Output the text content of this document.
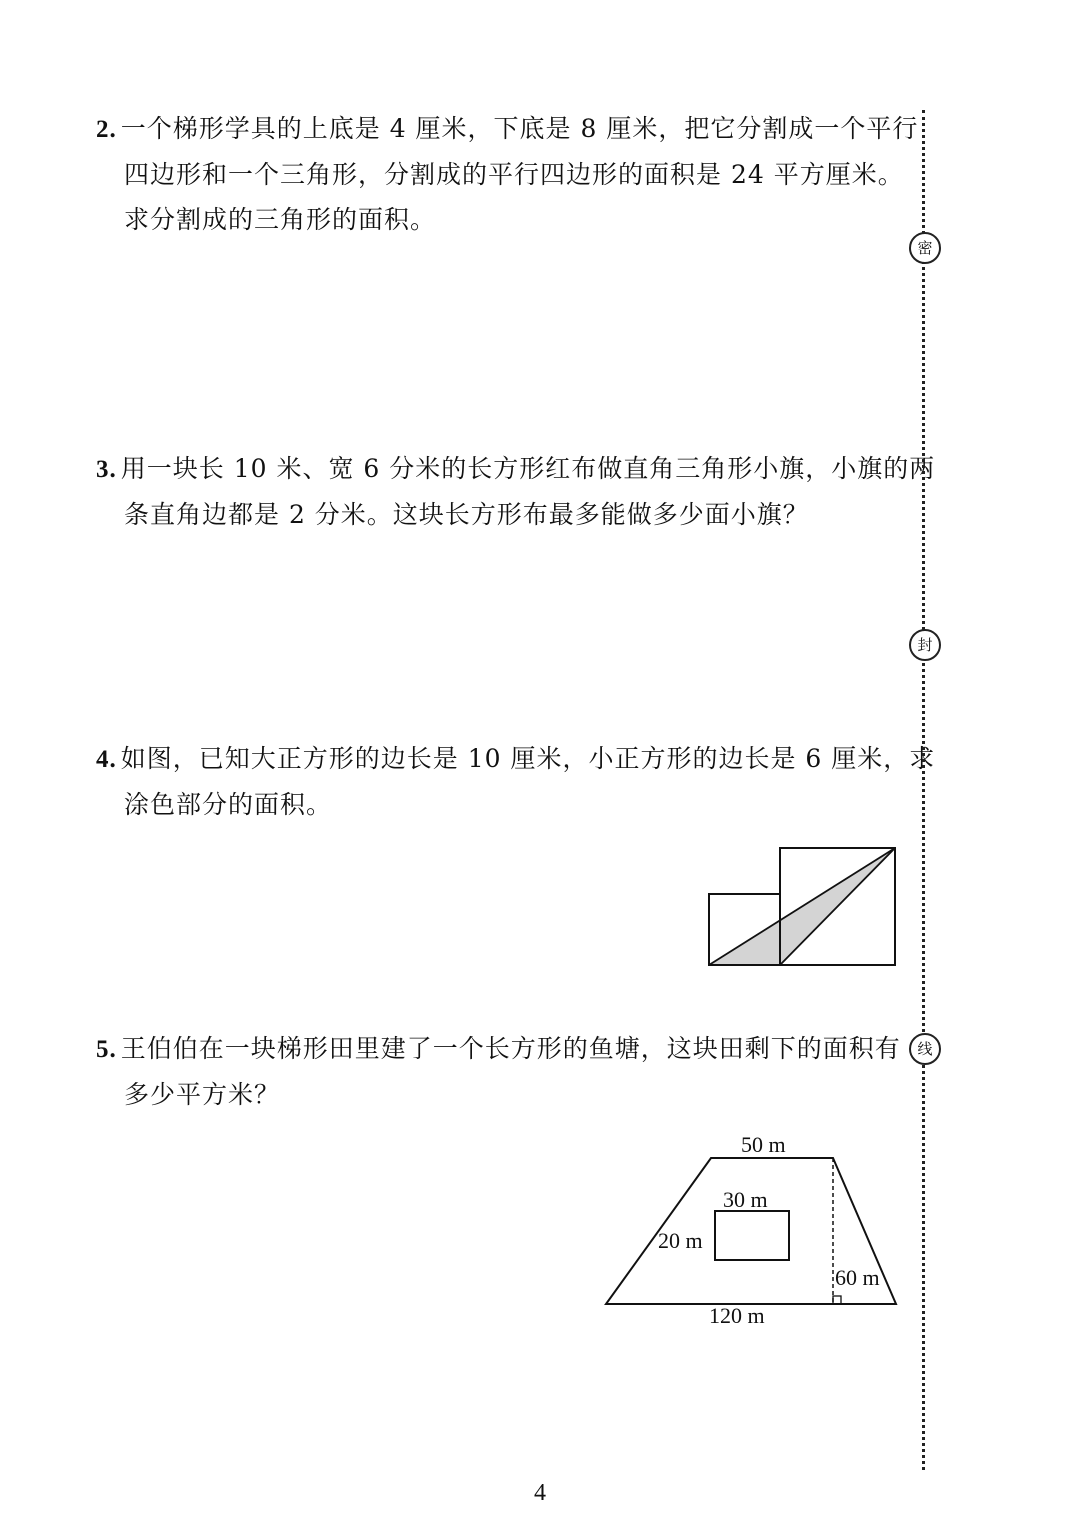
2. 一个梯形学具的上底是 4 厘米，下底是 8 厘米，把它分割成一个平行
四边形和一个三角形，分割成的平行四边形的面积是 24 平方厘米。
求分割成的三角形的面积。
3. 用一块长 10 米、宽 6 分米的长方形红布做直角三角形小旗，小旗的两
条直角边都是 2 分米。这块长方形布最多能做多少面小旗？
4. 如图，已知大正方形的边长是 10 厘米，小正方形的边长是 6 厘米，求
涂色部分的面积。
5. 王伯伯在一块梯形田里建了一个长方形的鱼塘，这块田剩下的面积有
多少平方米？
50 m
30 m
20 m
60 m
120 m
密
封
线
4
